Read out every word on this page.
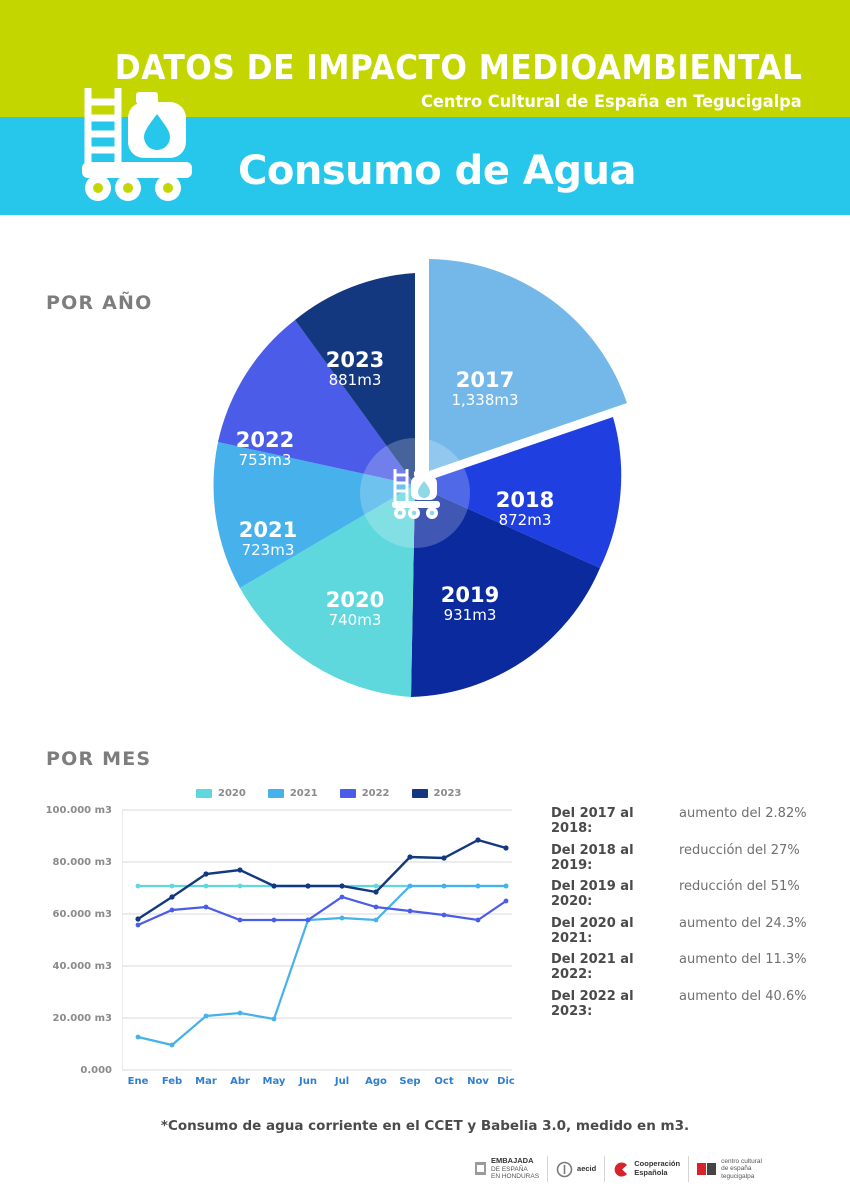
DATOS DE IMPACTO MEDIOAMBIENTAL
Centro Cultural de España en Tegucigalpa
Consumo de Agua
POR AÑO
2017
1,338m3
2018
872m3
2019
931m3
2020
740m3
2021
723m3
2022
753m3
2023
881m3
POR MES
2020	2021	2022	2023
100.000 m3
80.000 m3
60.000 m3
40.000 m3
20.000 m3
0.000
Ene	Feb	Mar	Abr	May	Jun	Jul	Ago	Sep	Oct	Nov Dic
Del 2017 al 2018:
aumento del 2.82%
Del 2018 al 2019:
reducción del 27%
Del 2019 al 2020:
reducción del 51%
Del 2020 al 2021:
aumento del 24.3%
Del 2021 al 2022:
aumento del 11.3%
Del 2022 al 2023:
aumento del 40.6%
*Consumo de agua corriente en el CCET y Babelia 3.0, medido en m3.
EMBAJADA
DE ESPAÑA
EN HONDURAS
aecid	Cooperación
Española
centro cultural
de españa
tegucigalpa
